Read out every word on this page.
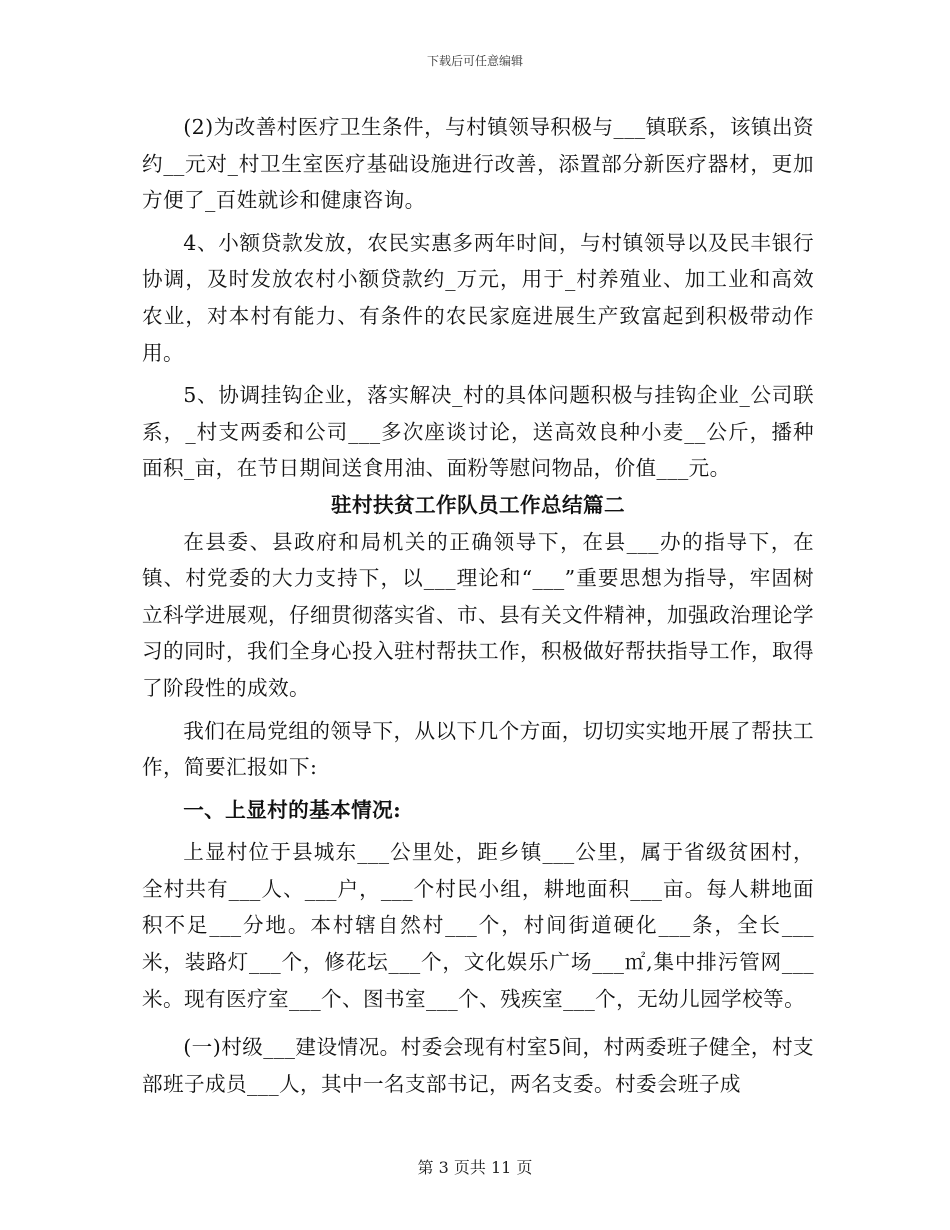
下载后可任意编辑

(2)为改善村医疗卫生条件，与村镇领导积极与___镇联系，该镇出资约__元对_村卫生室医疗基础设施进行改善，添置部分新医疗器材，更加方便了_百姓就诊和健康咨询。

4、小额贷款发放，农民实惠多两年时间，与村镇领导以及民丰银行协调，及时发放农村小额贷款约_万元，用于_村养殖业、加工业和高效农业，对本村有能力、有条件的农民家庭进展生产致富起到积极带动作用。

5、协调挂钩企业，落实解决_村的具体问题积极与挂钩企业_公司联系，_村支两委和公司___多次座谈讨论，送高效良种小麦__公斤，播种面积_亩，在节日期间送食用油、面粉等慰问物品，价值___元。

驻村扶贫工作队员工作总结篇二

在县委、县政府和局机关的正确领导下，在县___办的指导下，在镇、村党委的大力支持下，以___理论和“___”重要思想为指导，牢固树立科学进展观，仔细贯彻落实省、市、县有关文件精神，加强政治理论学习的同时，我们全身心投入驻村帮扶工作，积极做好帮扶指导工作，取得了阶段性的成效。

我们在局党组的领导下，从以下几个方面，切切实实地开展了帮扶工作，简要汇报如下:

一、上显村的基本情况:

上显村位于县城东___公里处，距乡镇___公里，属于省级贫困村，全村共有___人、___户，___个村民小组，耕地面积___亩。每人耕地面积不足___分地。本村辖自然村___个，村间街道硬化___条，全长___米，装路灯___个，修花坛___个，文化娱乐广场___㎡,集中排污管网___米。现有医疗室___个、图书室___个、残疾室___个，无幼儿园学校等。

(一)村级___建设情况。村委会现有村室5间，村两委班子健全，村支部班子成员___人，其中一名支部书记，两名支委。村委会班子成

第 3 页共 11 页
